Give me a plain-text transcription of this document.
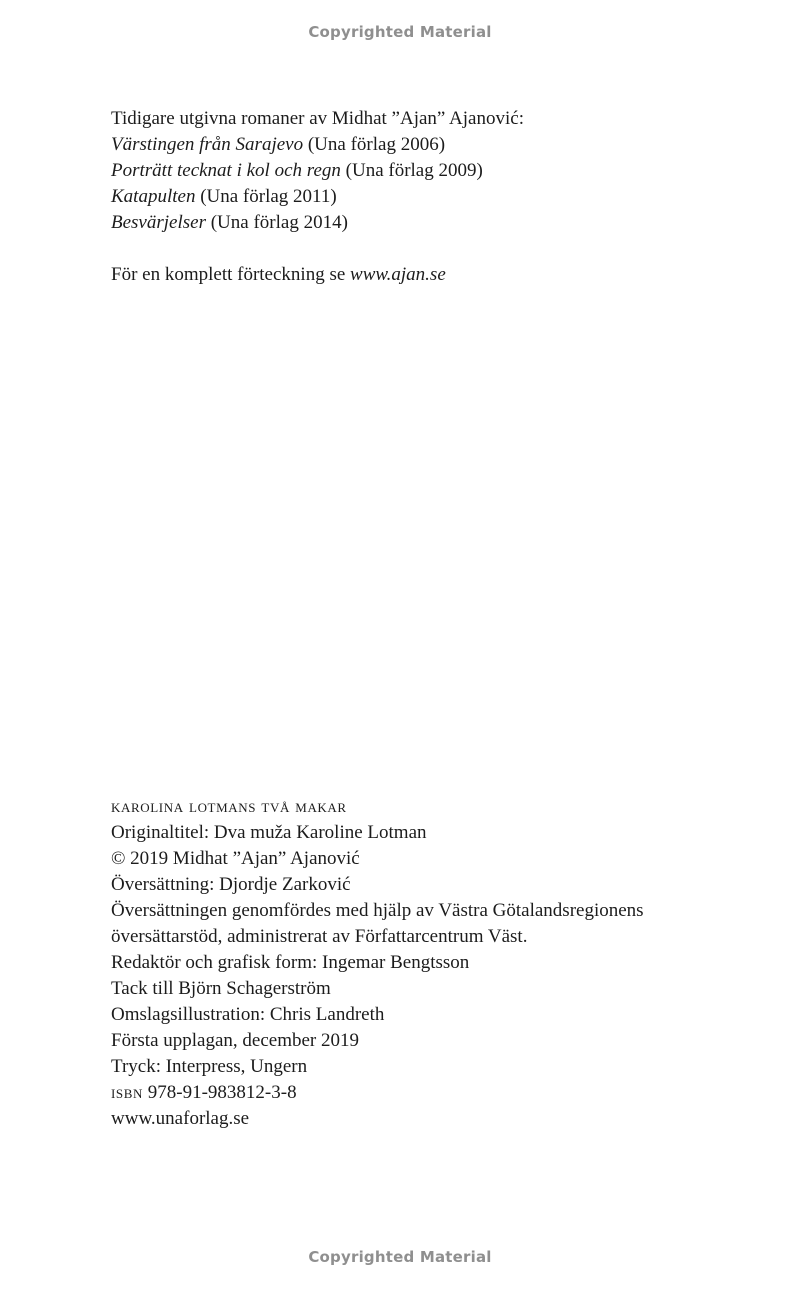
Copyrighted Material

Tidigare utgivna romaner av Midhat ”Ajan” Ajanović:

Värstingen från Sarajevo (Una förlag 2006)

Porträtt tecknat i kol och regn (Una förlag 2009)

Katapulten (Una förlag 2011)

Besvärjelser (Una förlag 2014)

För en komplett förteckning se www.ajan.se

karolina lotmans två makar

Originaltitel: Dva muža Karoline Lotman

© 2019 Midhat ”Ajan” Ajanović

Översättning: Djordje Zarković

Översättningen genomfördes med hjälp av Västra Götalandsregionens

översättarstöd, administrerat av Författarcentrum Väst.

Redaktör och grafisk form: Ingemar Bengtsson

Tack till Björn Schagerström

Omslagsillustration: Chris Landreth

Första upplagan, december 2019

Tryck: Interpress, Ungern

isbn 978-91-983812-3-8

www.unaforlag.se

Copyrighted Material
